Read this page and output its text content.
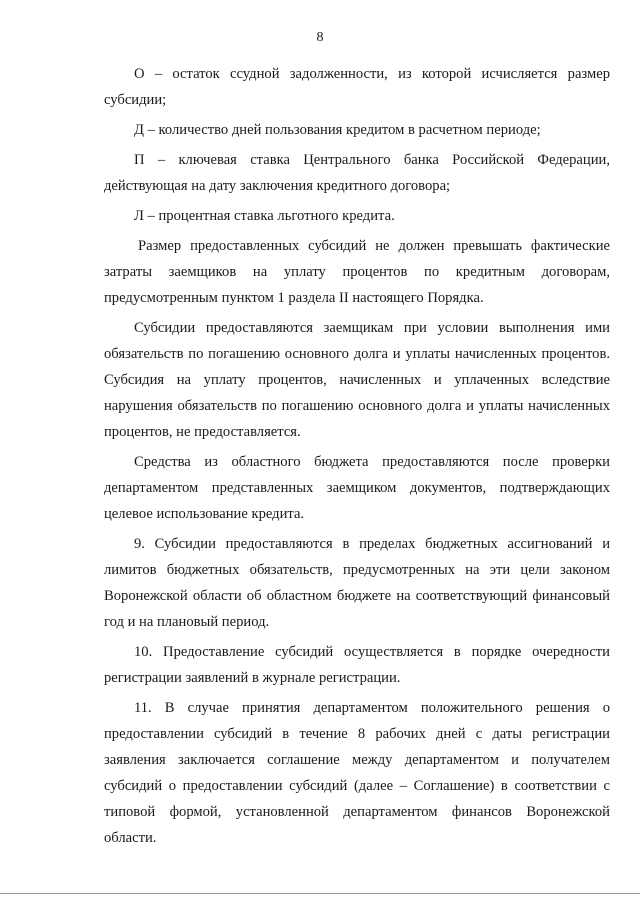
8

О – остаток ссудной задолженности, из которой исчисляется размер субсидии;

Д – количество дней пользования кредитом в расчетном периоде;

П – ключевая ставка Центрального банка Российской Федерации, действующая на дату заключения кредитного договора;

Л – процентная ставка льготного кредита.

Размер предоставленных субсидий не должен превышать фактические затраты заемщиков на уплату процентов по кредитным договорам, предусмотренным пунктом 1 раздела II настоящего Порядка.

Субсидии предоставляются заемщикам при условии выполнения ими обязательств по погашению основного долга и уплаты начисленных процентов. Субсидия на уплату процентов, начисленных и уплаченных вследствие нарушения обязательств по погашению основного долга и уплаты начисленных процентов, не предоставляется.

Средства из областного бюджета предоставляются после проверки департаментом представленных заемщиком документов, подтверждающих целевое использование кредита.

9. Субсидии предоставляются в пределах бюджетных ассигнований и лимитов бюджетных обязательств, предусмотренных на эти цели законом Воронежской области об областном бюджете на соответствующий финансовый год и на плановый период.

10. Предоставление субсидий осуществляется в порядке очередности регистрации заявлений в журнале регистрации.

11. В случае принятия департаментом положительного решения о предоставлении субсидий в течение 8 рабочих дней с даты регистрации заявления заключается соглашение между департаментом и получателем субсидий о предоставлении субсидий (далее – Соглашение) в соответствии с типовой формой, установленной департаментом финансов Воронежской области.
